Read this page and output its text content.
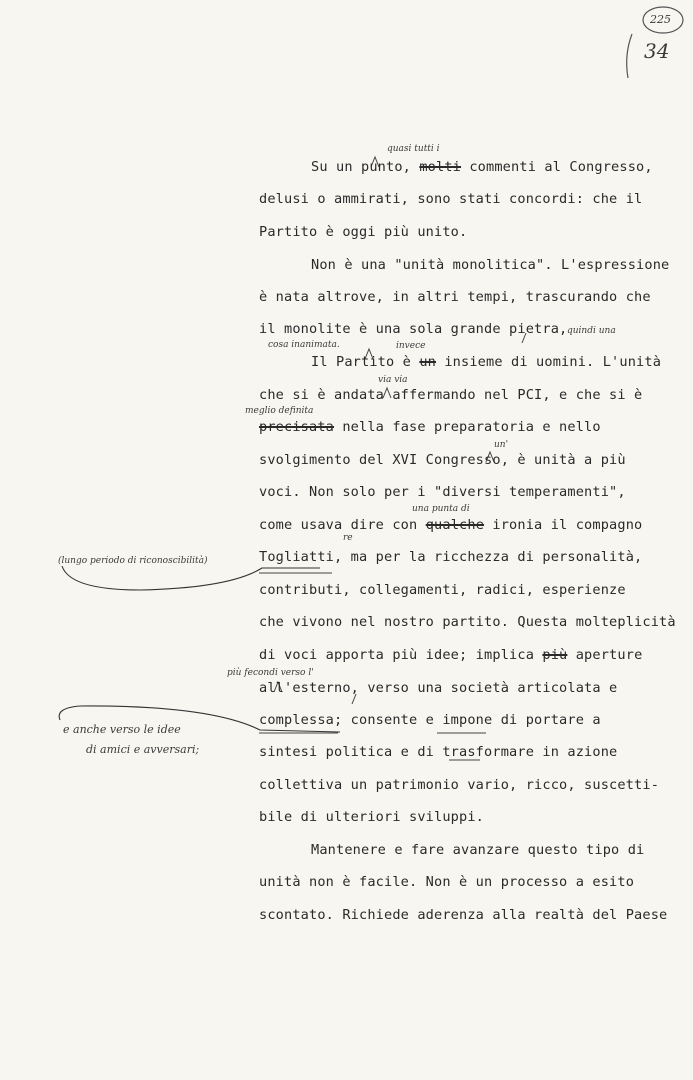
225
34
Su un punto, molti commenti al Congresso,
delusi o ammirati, sono stati concordi: che il
Partito è oggi più unito.
Non è una "unità monolitica". L'espressione
è nata altrove, in altri tempi, trascurando che
il monolite è una sola grande pietra,
Il Partito è un insieme di uomini. L'unità
che si è andata affermando nel PCI, e che si è
precisata nella fase preparatoria e nello
svolgimento del XVI Congresso, è unità a più
voci. Non solo per i "diversi temperamenti",
come usava dire con qualche ironia il compagno
Togliatti, ma per la ricchezza di personalità,
contributi, collegamenti, radici, esperienze
che vivono nel nostro partito. Questa molteplicità
di voci apporta più idee; implica più aperture
all'esterno, verso una società articolata e
complessa; consente e impone di portare a
sintesi politica e di trasformare in azione
collettiva un patrimonio vario, ricco, suscetti-
bile di ulteriori sviluppi.
Mantenere e fare avanzare questo tipo di
unità non è facile. Non è un processo a esito
scontato. Richiede aderenza alla realtà del Paese
quasi tutti i
quindi una
cosa inanimata.	invece
via via
meglio definita
un'
una punta di
re
(lungo periodo di riconoscibilità)
più fecondi verso l'
e anche verso le idee
di amici e avversari;
